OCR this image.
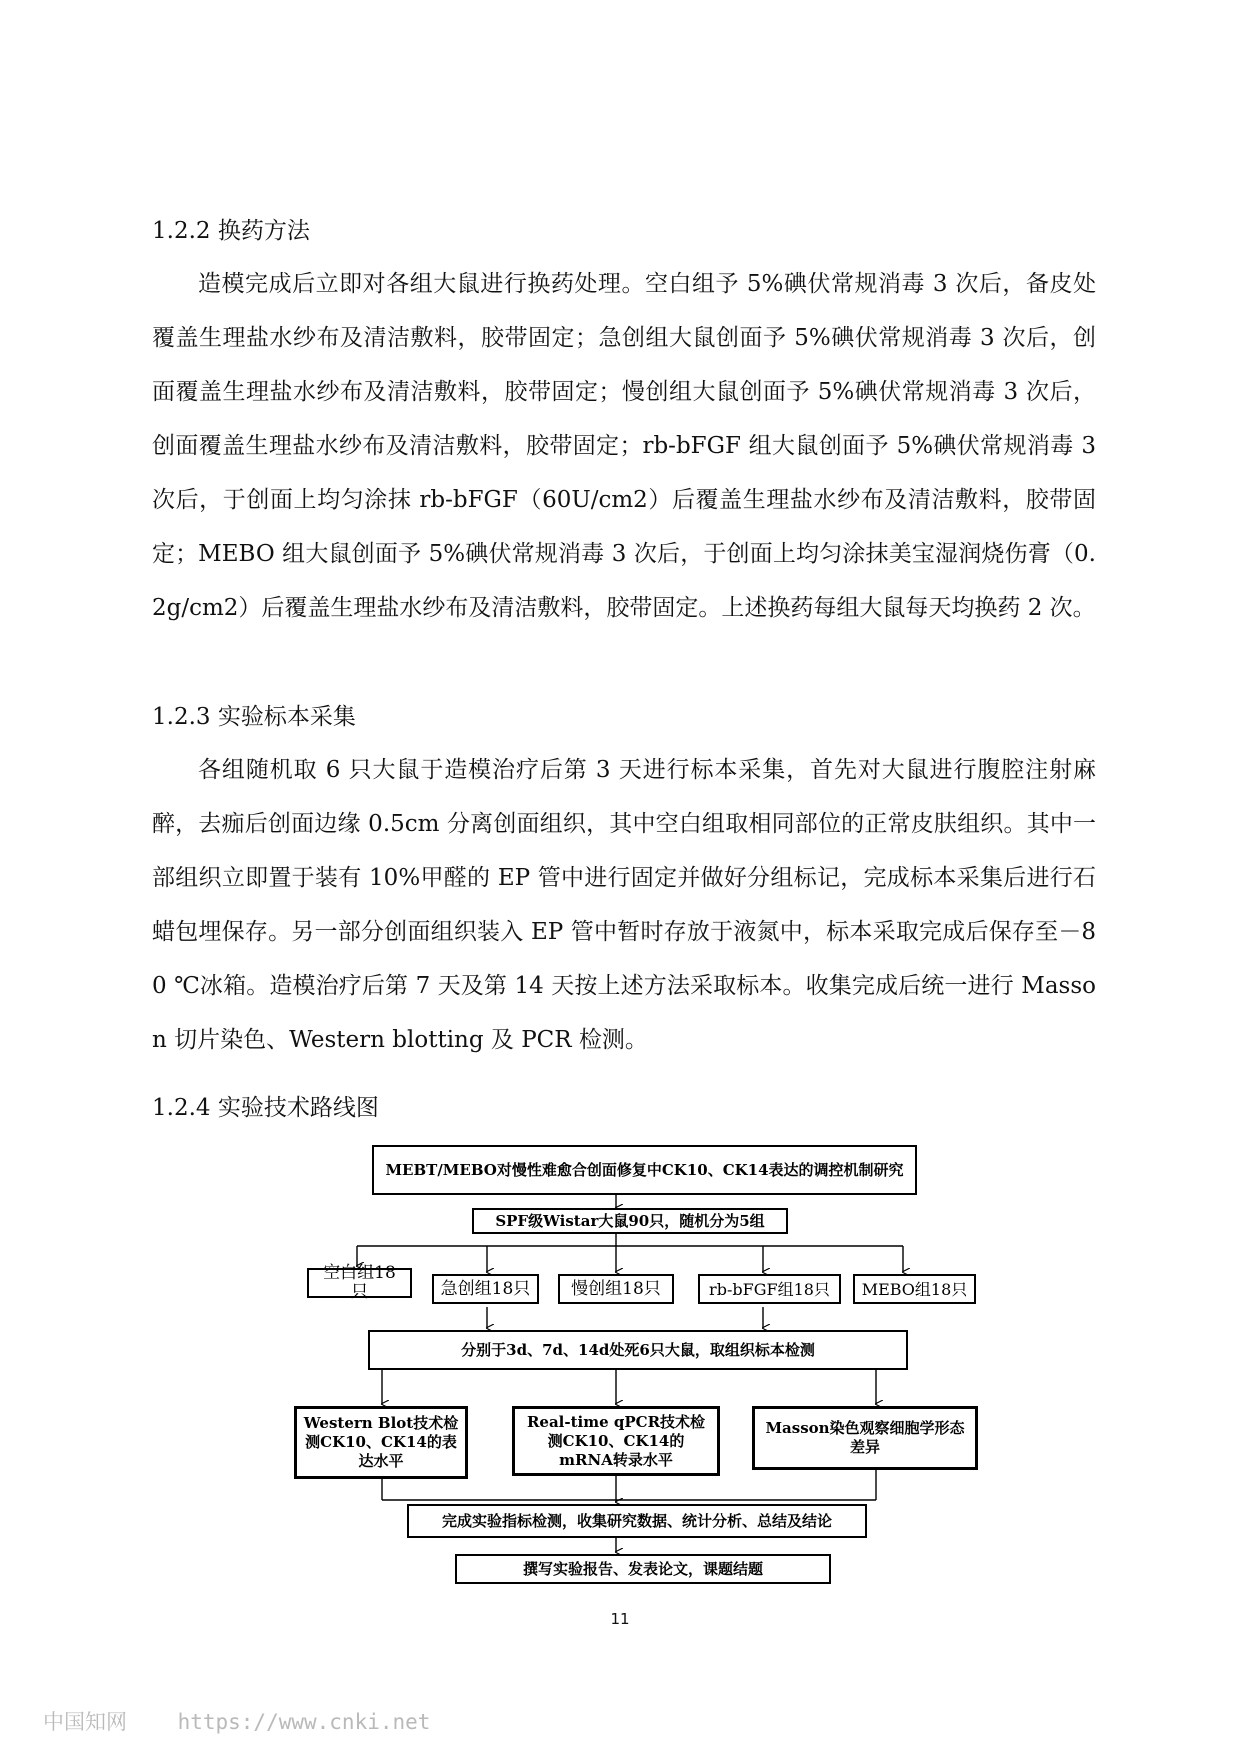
1.2.2 换药方法
造模完成后立即对各组大鼠进行换药处理。空白组予 5%碘伏常规消毒 3 次后，备皮处覆盖生理盐水纱布及清洁敷料，胶带固定；急创组大鼠创面予 5%碘伏常规消毒 3 次后，创面覆盖生理盐水纱布及清洁敷料，胶带固定；慢创组大鼠创面予 5%碘伏常规消毒 3 次后，创面覆盖生理盐水纱布及清洁敷料，胶带固定；rb-bFGF 组大鼠创面予 5%碘伏常规消毒 3 次后，于创面上均匀涂抹 rb-bFGF（60U/cm2）后覆盖生理盐水纱布及清洁敷料，胶带固定；MEBO 组大鼠创面予 5%碘伏常规消毒 3 次后，于创面上均匀涂抹美宝湿润烧伤膏（0.2g/cm2）后覆盖生理盐水纱布及清洁敷料，胶带固定。上述换药每组大鼠每天均换药 2 次。
1.2.3 实验标本采集
各组随机取 6 只大鼠于造模治疗后第 3 天进行标本采集，首先对大鼠进行腹腔注射麻醉，去痂后创面边缘 0.5cm 分离创面组织，其中空白组取相同部位的正常皮肤组织。其中一部组织立即置于装有 10%甲醛的 EP 管中进行固定并做好分组标记，完成标本采集后进行石蜡包埋保存。另一部分创面组织装入 EP 管中暂时存放于液氮中，标本采取完成后保存至－80 ℃冰箱。造模治疗后第 7 天及第 14 天按上述方法采取标本。收集完成后统一进行 Masson 切片染色、Western blotting 及 PCR 检测。
1.2.4 实验技术路线图
MEBT/MEBO对慢性难愈合创面修复中CK10、CK14表达的调控机制研究
SPF级Wistar大鼠90只，随机分为5组
空白组18只	急创组18只	慢创组18只	rb-bFGF组18只	MEBO组18只
分别于3d、7d、14d处死6只大鼠，取组织标本检测
Western Blot技术检测CK10、CK14的表达水平
Real-time qPCR技术检测CK10、CK14的mRNA转录水平
Masson染色观察细胞学形态差异
完成实验指标检测，收集研究数据、统计分析、总结及结论
撰写实验报告、发表论文，课题结题
11
中国知网    https://www.cnki.net
